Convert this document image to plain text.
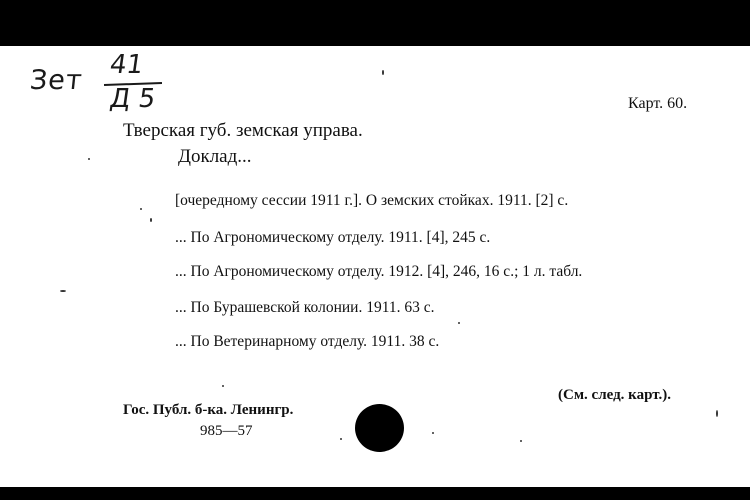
Зет 41
Д 5	Карт. 60.
Тверская губ. земская управа.
Доклад...
[очередному сессии 1911 г.]. О земских стойках. 1911. [2] с.
... По Агрономическому отделу. 1911. [4], 245 с.
... По Агрономическому отделу. 1912. [4], 246, 16 с.; 1 л. табл.
... По Бурашевской колонии. 1911. 63 с.
... По Ветеринарному отделу. 1911. 38 с.
(См. след. карт.).
Гос. Публ. б-ка. Ленингр.
985—57
